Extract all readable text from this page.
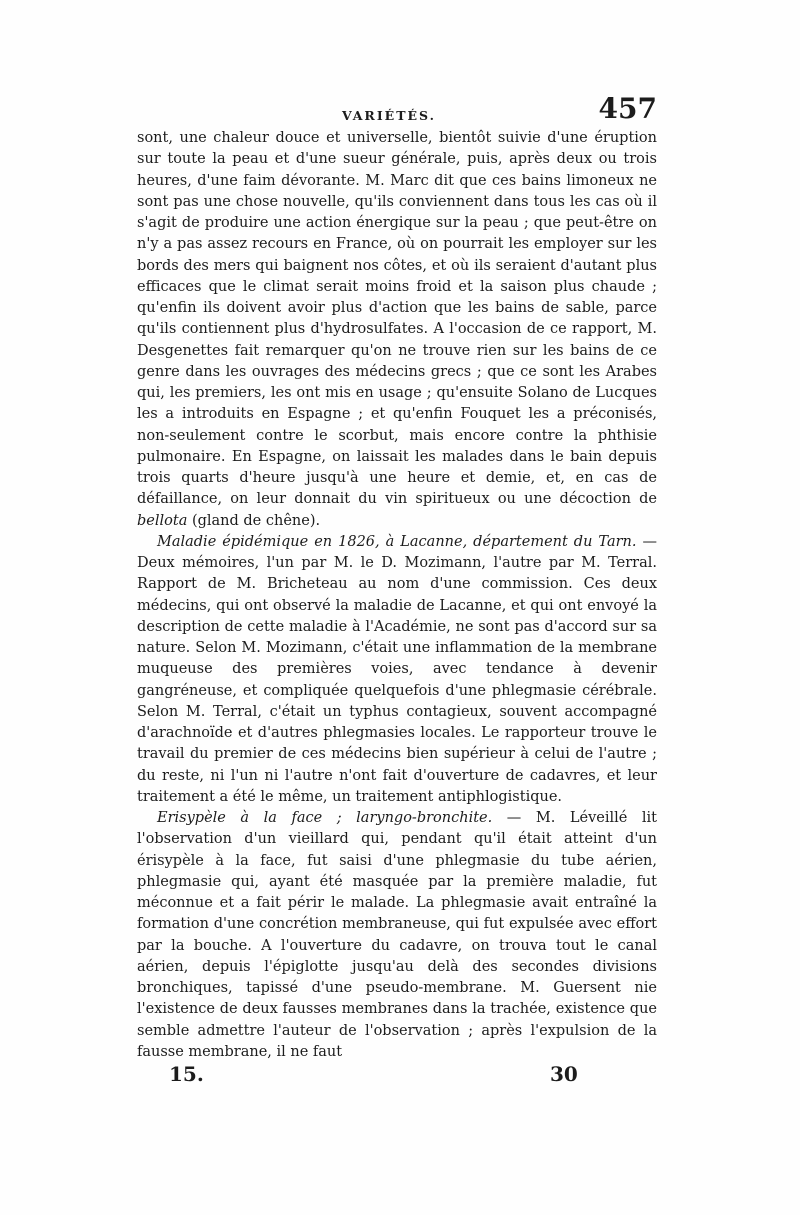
VARIÉTÉS.	457

sont, une chaleur douce et universelle, bientôt suivie d'une éruption sur toute la peau et d'une sueur générale, puis, après deux ou trois heures, d'une faim dévorante. M. Marc dit que ces bains limoneux ne sont pas une chose nouvelle, qu'ils conviennent dans tous les cas où il s'agit de produire une action énergique sur la peau ; que peut-être on n'y a pas assez recours en France, où on pourrait les employer sur les bords des mers qui baignent nos côtes, et où ils seraient d'autant plus efficaces que le climat serait moins froid et la saison plus chaude ; qu'enfin ils doivent avoir plus d'action que les bains de sable, parce qu'ils contiennent plus d'hydrosulfates. A l'occasion de ce rapport, M. Desgenettes fait remarquer qu'on ne trouve rien sur les bains de ce genre dans les ouvrages des médecins grecs ; que ce sont les Arabes qui, les premiers, les ont mis en usage ; qu'ensuite Solano de Lucques les a introduits en Espagne ; et qu'enfin Fouquet les a préconisés, non-seulement contre le scorbut, mais encore contre la phthisie pulmonaire. En Espagne, on laissait les malades dans le bain depuis trois quarts d'heure jusqu'à une heure et demie, et, en cas de défaillance, on leur donnait du vin spiritueux ou une décoction de bellota (gland de chêne).

Maladie épidémique en 1826, à Lacanne, département du Tarn. —Deux mémoires, l'un par M. le D. Mozimann, l'autre par M. Terral. Rapport de M. Bricheteau au nom d'une commission. Ces deux médecins, qui ont observé la maladie de Lacanne, et qui ont envoyé la description de cette maladie à l'Académie, ne sont pas d'accord sur sa nature. Selon M. Mozimann, c'était une inflammation de la membrane muqueuse des premières voies, avec tendance à devenir gangréneuse, et compliquée quelquefois d'une phlegmasie cérébrale. Selon M. Terral, c'était un typhus contagieux, souvent accompagné d'arachnoïde et d'autres phlegmasies locales. Le rapporteur trouve le travail du premier de ces médecins bien supérieur à celui de l'autre ; du reste, ni l'un ni l'autre n'ont fait d'ouverture de cadavres, et leur traitement a été le même, un traitement antiphlogistique.

Erisypèle à la face ; laryngo-bronchite. — M. Léveillé lit l'observation d'un vieillard qui, pendant qu'il était atteint d'un érisypèle à la face, fut saisi d'une phlegmasie du tube aérien, phlegmasie qui, ayant été masquée par la première maladie, fut méconnue et a fait périr le malade. La phlegmasie avait entraîné la formation d'une concrétion membraneuse, qui fut expulsée avec effort par la bouche. A l'ouverture du cadavre, on trouva tout le canal aérien, depuis l'épiglotte jusqu'au delà des secondes divisions bronchiques, tapissé d'une pseudo-membrane. M. Guersent nie l'existence de deux fausses membranes dans la trachée, existence que semble admettre l'auteur de l'observation ; après l'expulsion de la fausse membrane, il ne faut

15.	30
